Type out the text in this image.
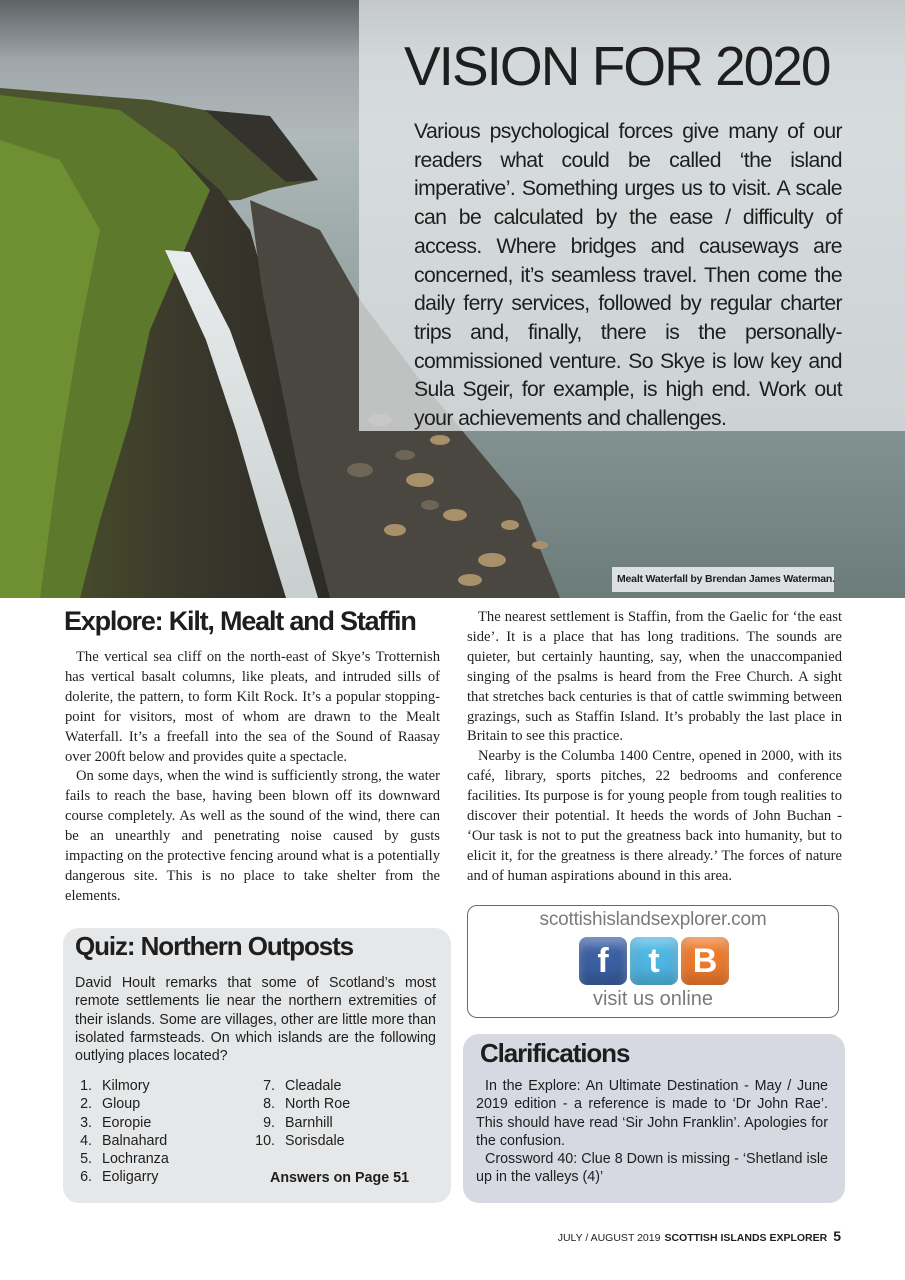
VISION FOR 2020
Various psychological forces give many of our readers what could be called ‘the island imperative’. Something urges us to visit. A scale can be calculated by the ease / difficulty of access. Where bridges and causeways are concerned, it’s seamless travel. Then come the daily ferry services, followed by regular charter trips and, finally, there is the personally-commissioned venture. So Skye is low key and Sula Sgeir, for example, is high end. Work out your achievements and challenges.
Mealt Waterfall by Brendan James Waterman.
Explore: Kilt, Mealt and Staffin

The vertical sea cliff on the north-east of Skye’s Trotternish has vertical basalt columns, like pleats, and intruded sills of dolerite, the pattern, to form Kilt Rock. It’s a popular stopping-point for visitors, most of whom are drawn to the Mealt Waterfall. It’s a freefall into the sea of the Sound of Raasay over 200ft below and provides quite a spectacle.

On some days, when the wind is sufficiently strong, the water fails to reach the base, having been blown off its downward course completely. As well as the sound of the wind, there can be an unearthly and penetrating noise caused by gusts impacting on the protective fencing around what is a potentially dangerous site. This is no place to take shelter from the elements.

The nearest settlement is Staffin, from the Gaelic for ‘the east side’. It is a place that has long traditions. The sounds are quieter, but certainly haunting, say, when the unaccompanied singing of the psalms is heard from the Free Church. A sight that stretches back centuries is that of cattle swimming between grazings, such as Staffin Island. It’s probably the last place in Britain to see this practice.

Nearby is the Columba 1400 Centre, opened in 2000, with its café, library, sports pitches, 22 bedrooms and conference facilities. Its purpose is for young people from tough realities to discover their potential. It heeds the words of John Buchan - ‘Our task is not to put the greatness back into humanity, but to elicit it, for the greatness is there already.’ The forces of nature and of human aspirations abound in this area.

scottishislandsexplorer.com
f	t B
visit us online
Quiz: Northern Outposts
David Hoult remarks that some of Scotland’s most remote settlements lie near the northern extremities of their islands. Some are villages, other are little more than isolated farmsteads. On which islands are the following outlying places located?
1. Kilmory
2. Gloup
3. Eoropie
4. Balnahard
5. Lochranza
6. Eoligarry
7. Cleadale
8. North Roe
9. Barnhill
10. Sorisdale
Answers on Page 51
Clarifications

In the Explore: An Ultimate Destination - May / June 2019 edition - a reference is made to ‘Dr John Rae’. This should have read ‘Sir John Franklin’. Apologies for the confusion.

Crossword 40: Clue 8 Down is missing - ‘Shetland isle up in the valleys (4)’

JULY / AUGUST 2019 SCOTTISH ISLANDS EXPLORER 5
